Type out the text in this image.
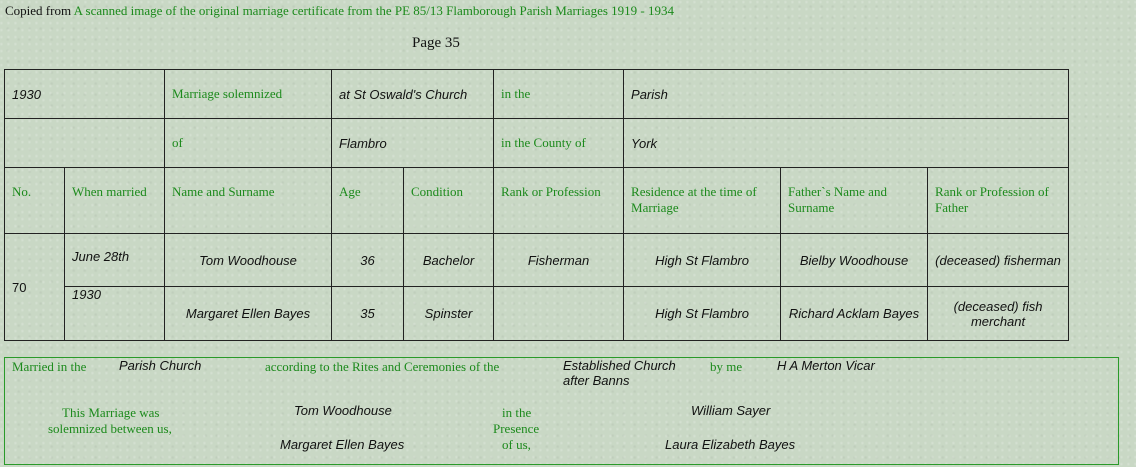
Copied from A scanned image of the original marriage certificate from the PE 85/13 Flamborough Parish Marriages 1919 - 1934
Page 35
1930		Marriage solemnized	at St Oswald's Church		in the	Parish		
		of	Flambro		in the County of	York		
No.	When married	Name and Surname	Age	Condition	Rank or Profession	Residence at the time of Marriage	Father`s Name and Surname	Rank or Profession of Father
70	June 28th	Tom Woodhouse	36	Bachelor	Fisherman	High St Flambro	Bielby Woodhouse	(deceased) fisherman
	1930	Margaret Ellen Bayes	35	Spinster		High St Flambro	Richard Acklam Bayes	(deceased) fish merchant
Married in the	Parish Church	according to the Rites and Ceremonies of the	Established Church
after Banns
by me	H A Merton Vicar
This Marriage was
solemnized between us,
Tom Woodhouse
Margaret Ellen Bayes
in the
Presence
of us,
William Sayer
Laura Elizabeth Bayes
